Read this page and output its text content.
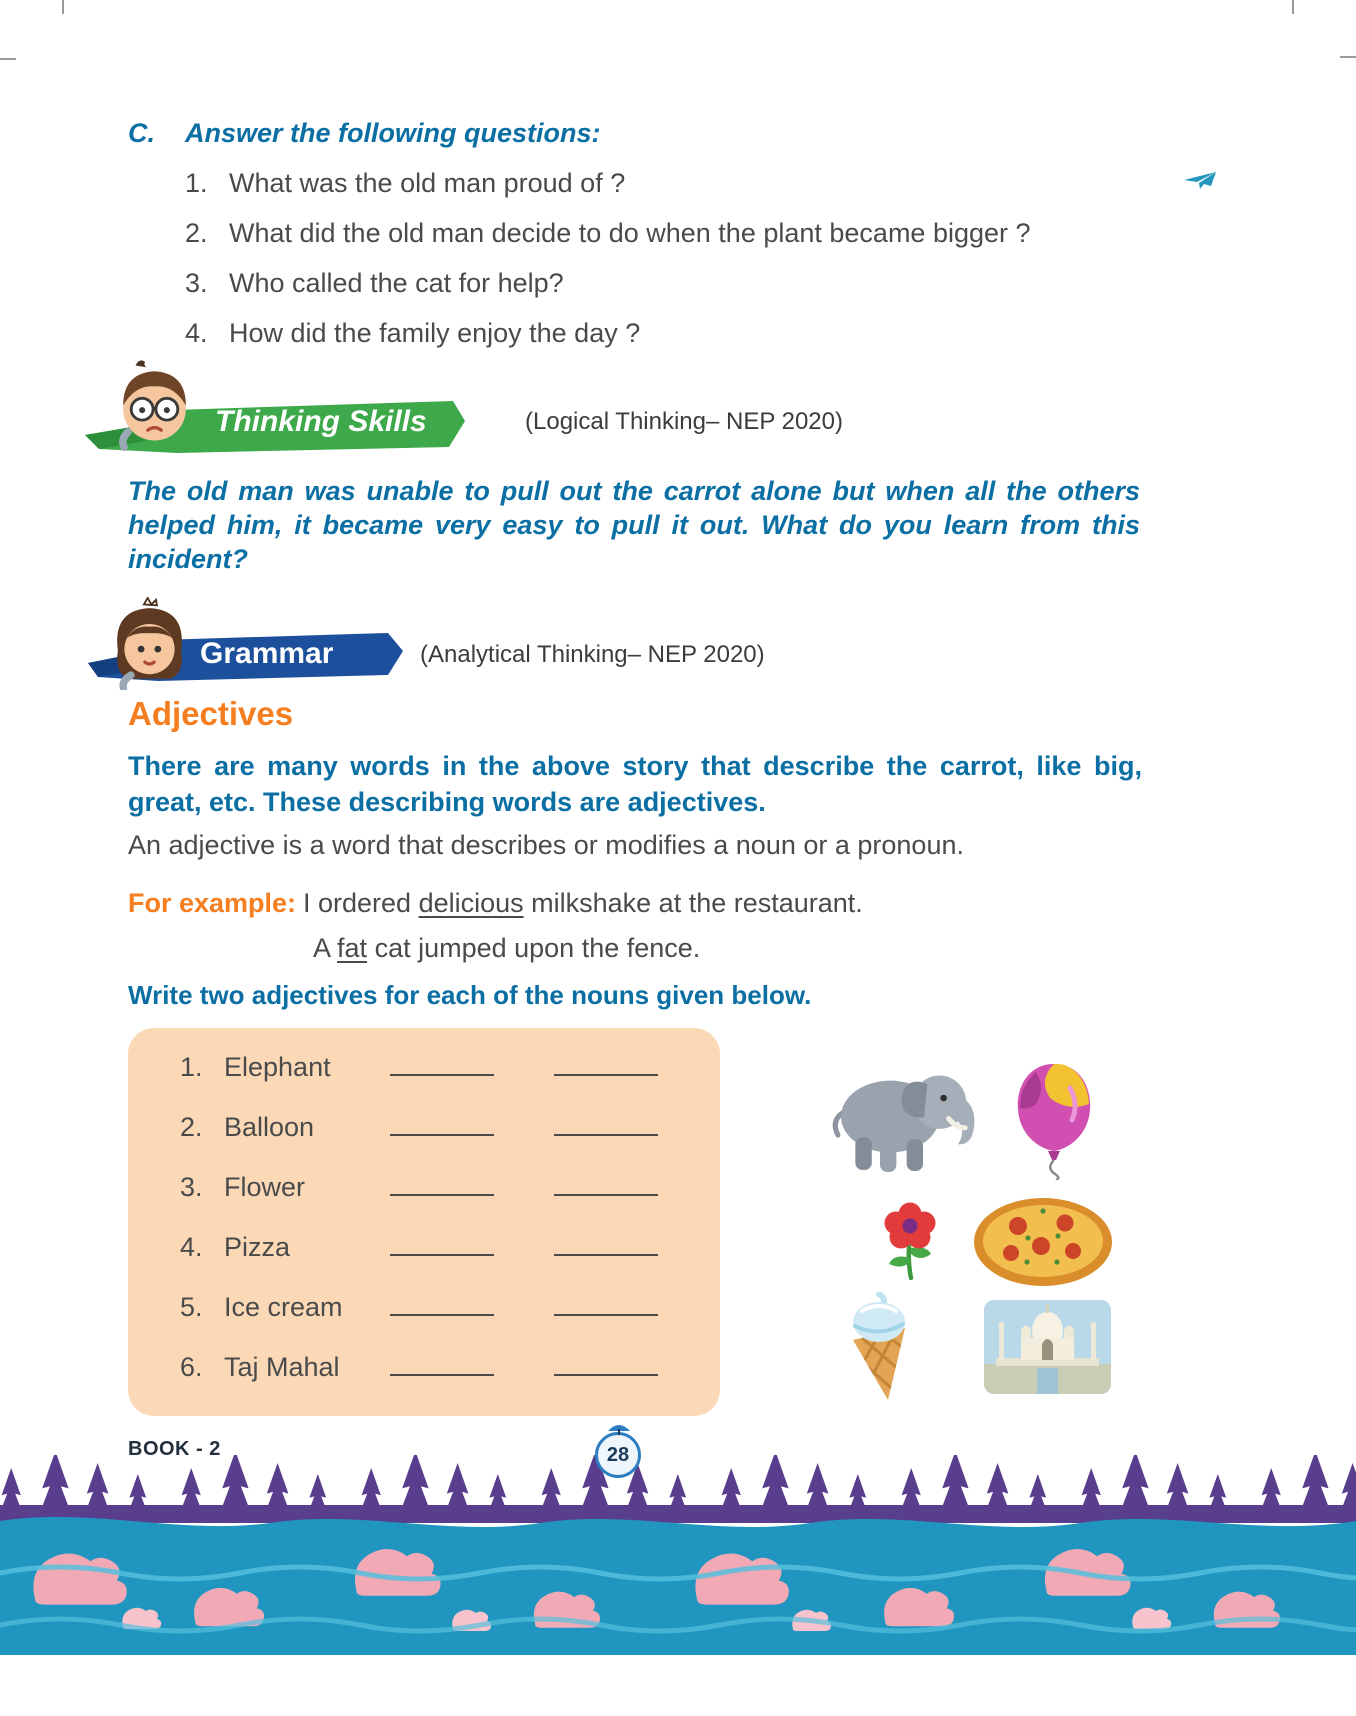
C.	Answer the following questions:
1. What was the old man proud of ?
2. What did the old man decide to do when the plant became bigger ?
3. Who called the cat for help?
4. How did the family enjoy the day ?
Thinking Skills	(Logical Thinking– NEP 2020)

The old man was unable to pull out the carrot alone but when all the others helped him, it became very easy to pull it out. What do you learn from this incident?

Grammar	(Analytical Thinking– NEP 2020)
Adjectives

There are many words in the above story that describe the carrot, like big, great, etc. These describing words are adjectives.

An adjective is a word that describes or modifies a noun or a pronoun.

For example: I ordered delicious milkshake at the restaurant.
A fat cat jumped upon the fence.

Write two adjectives for each of the nouns given below.

1. Elephant
2. Balloon
3. Flower
4. Pizza
5. Ice cream
6. Taj Mahal
BOOK - 2	28
